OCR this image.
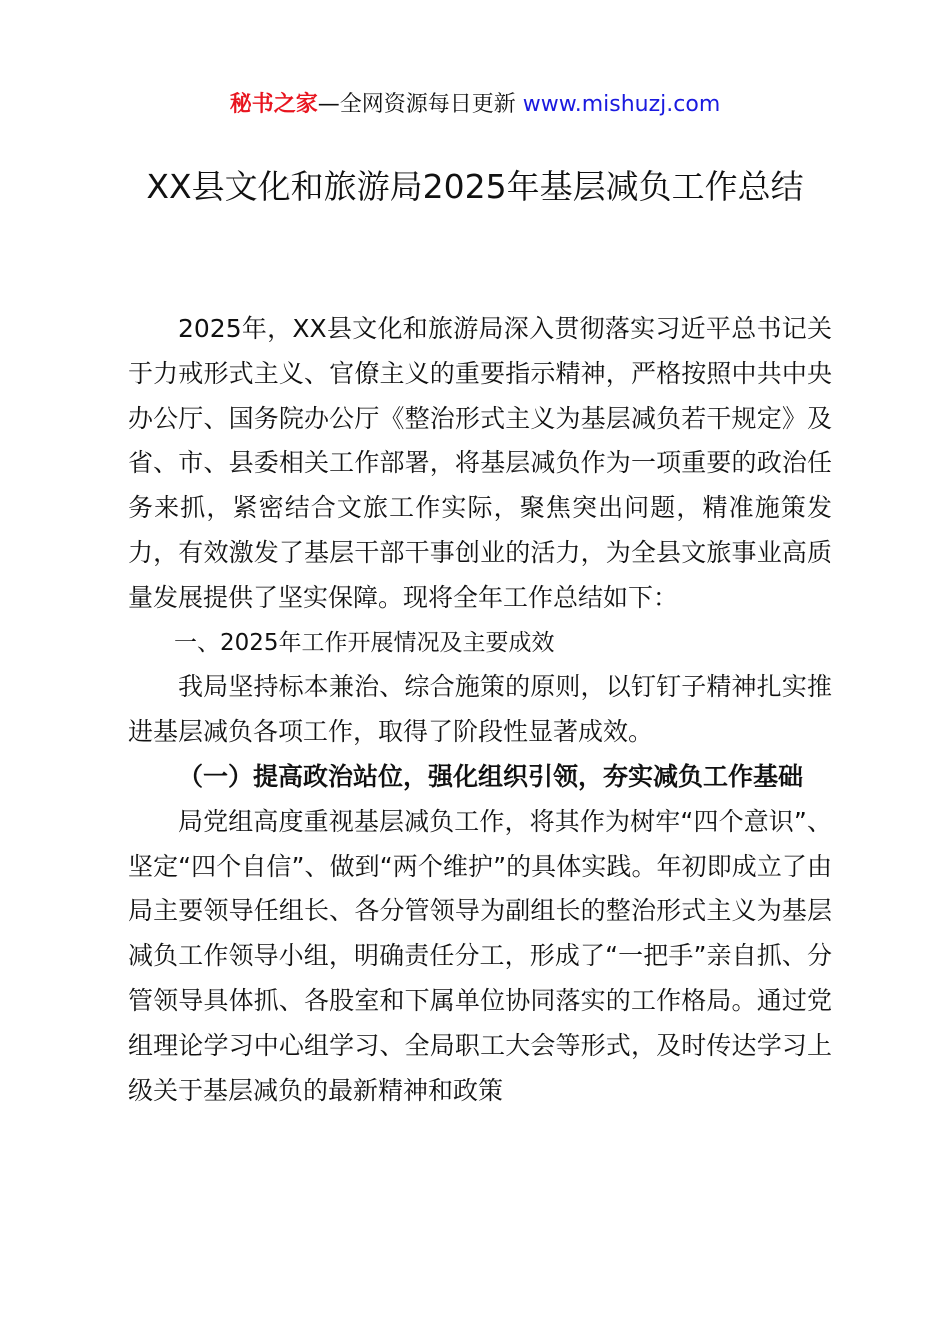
秘书之家—全网资源每日更新 www.mishuzj.com
XX县文化和旅游局2025年基层减负工作总结

2025年，XX县文化和旅游局深入贯彻落实习近平总书记关于力戒形式主义、官僚主义的重要指示精神，严格按照中共中央办公厅、国务院办公厅《整治形式主义为基层减负若干规定》及省、市、县委相关工作部署，将基层减负作为一项重要的政治任务来抓，紧密结合文旅工作实际，聚焦突出问题，精准施策发力，有效激发了基层干部干事创业的活力，为全县文旅事业高质量发展提供了坚实保障。现将全年工作总结如下：

一、2025年工作开展情况及主要成效

我局坚持标本兼治、综合施策的原则，以钉钉子精神扎实推进基层减负各项工作，取得了阶段性显著成效。

（一）提高政治站位，强化组织引领，夯实减负工作基础

局党组高度重视基层减负工作，将其作为树牢“四个意识”、坚定“四个自信”、做到“两个维护”的具体实践。年初即成立了由局主要领导任组长、各分管领导为副组长的整治形式主义为基层减负工作领导小组，明确责任分工，形成了“一把手”亲自抓、分管领导具体抓、各股室和下属单位协同落实的工作格局。通过党组理论学习中心组学习、全局职工大会等形式，及时传达学习上级关于基层减负的最新精神和政策
